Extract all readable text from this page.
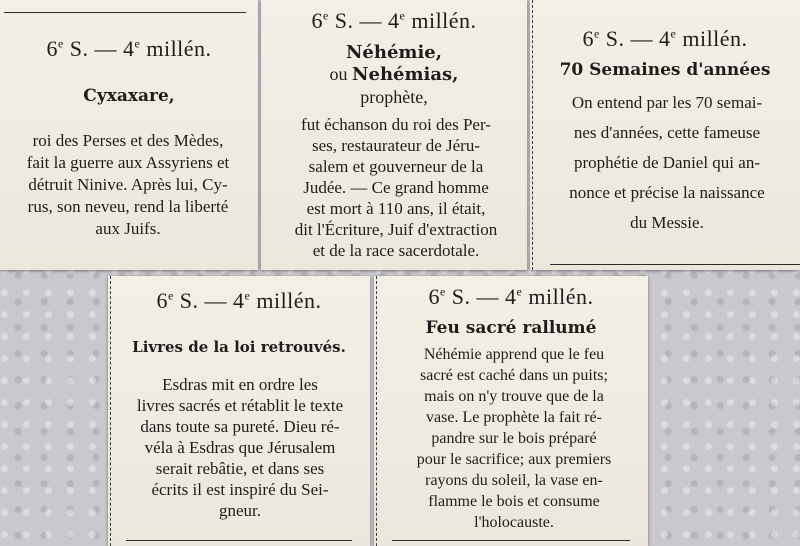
6e S. — 4e millén.
Cyxaxare,
roi des Perses et des Mèdes,
fait la guerre aux Assyriens et
détruit Ninive. Après lui, Cy-
rus, son neveu, rend la liberté
aux Juifs.
6e S. — 4e millén.
Néhémie,
ou Nehémias,
prophète,
fut échanson du roi des Per-
ses, restaurateur de Jéru-
salem et gouverneur de la
Judée. — Ce grand homme
est mort à 110 ans, il était,
dit l'Écriture, Juif d'extraction
et de la race sacerdotale.
6e S. — 4e millén.
70 Semaines d'années
On entend par les 70 semai-
nes d'années, cette fameuse
prophétie de Daniel qui an-
nonce et précise la naissance
du Messie.
6e S. — 4e millén.
Livres de la loi retrouvés.
Esdras mit en ordre les
livres sacrés et rétablit le texte
dans toute sa pureté. Dieu ré-
véla à Esdras que Jérusalem
serait rebâtie, et dans ses
écrits il est inspiré du Sei-
gneur.
6e S. — 4e millén.
Feu sacré rallumé
Néhémie apprend que le feu
sacré est caché dans un puits;
mais on n'y trouve que de la
vase. Le prophète la fait ré-
pandre sur le bois préparé
pour le sacrifice; aux premiers
rayons du soleil, la vase en-
flamme le bois et consume
l'holocauste.
